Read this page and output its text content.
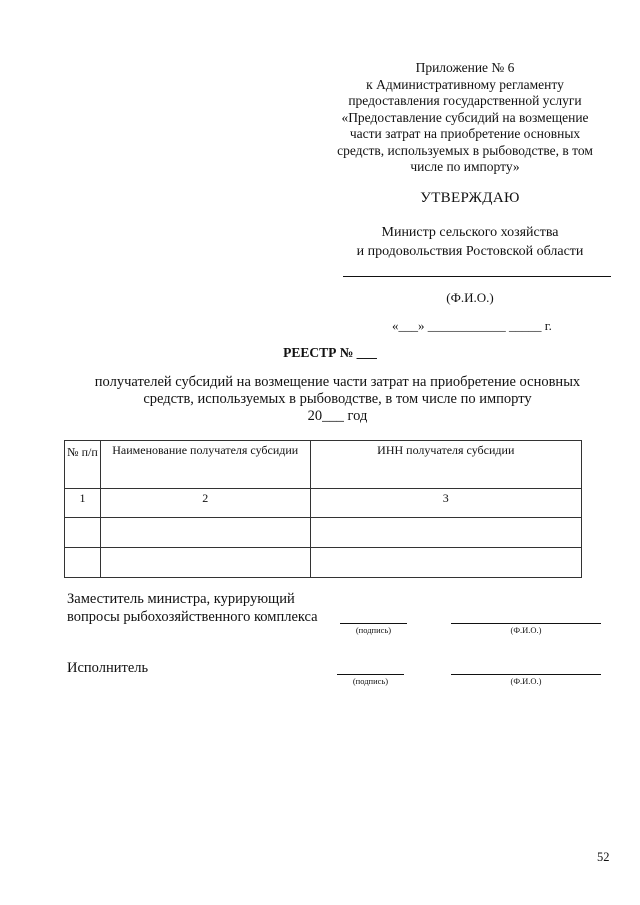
Приложение № 6
к Административному регламенту
предоставления государственной услуги
«Предоставление субсидий на возмещение
части затрат на приобретение основных
средств, используемых в рыбоводстве, в том
числе по импорту»
УТВЕРЖДАЮ
Министр сельского хозяйства
и продовольствия Ростовской области
(Ф.И.О.)
«___» ____________ _____ г.
РЕЕСТР № ___
получателей субсидий на возмещение части затрат на приобретение основных
средств, используемых в рыбоводстве, в том числе по импорту
20___ год
№ п/п	Наименование получателя субсидии	ИНН получателя субсидии
1	2	3

Заместитель министра, курирующий
вопросы рыбохозяйственного комплекса
(подпись)	(Ф.И.О.)
Исполнитель
(подпись)	(Ф.И.О.)
52
